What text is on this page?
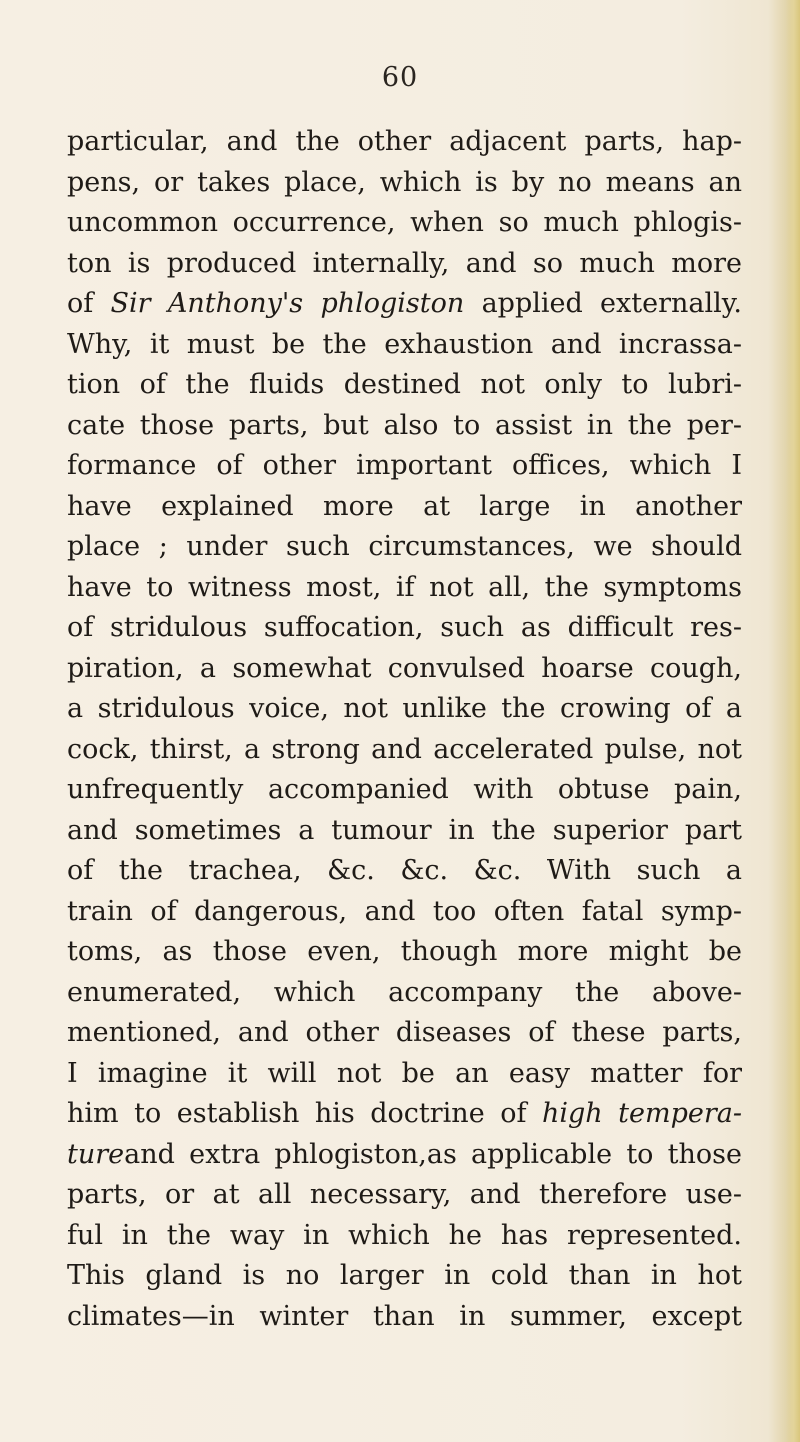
60
particular, and the other adjacent parts, hap-
pens, or takes place, which is by no means an
uncommon occurrence, when so much phlogis-
ton is produced internally, and so much more
of Sir Anthony's phlogiston applied externally.
Why, it must be the exhaustion and incrassa-
tion of the fluids destined not only to lubri-
cate those parts, but also to assist in the per-
formance of other important offices, which I
have explained more at large in another
place ; under such circumstances, we should
have to witness most, if not all, the symptoms
of stridulous suffocation, such as difficult res-
piration, a somewhat convulsed hoarse cough,
a stridulous voice, not unlike the crowing of a
cock, thirst, a strong and accelerated pulse, not
unfrequently accompanied with obtuse pain,
and sometimes a tumour in the superior part
of the trachea, &c. &c. &c. With such a
train of dangerous, and too often fatal symp-
toms, as those even, though more might be
enumerated, which accompany the above-
mentioned, and other diseases of these parts,
I imagine it will not be an easy matter for
him to establish his doctrine of high tempera-
tureand extra phlogiston,as applicable to those
parts, or at all necessary, and therefore use-
ful in the way in which he has represented.
This gland is no larger in cold than in hot
climates—in winter than in summer, except
